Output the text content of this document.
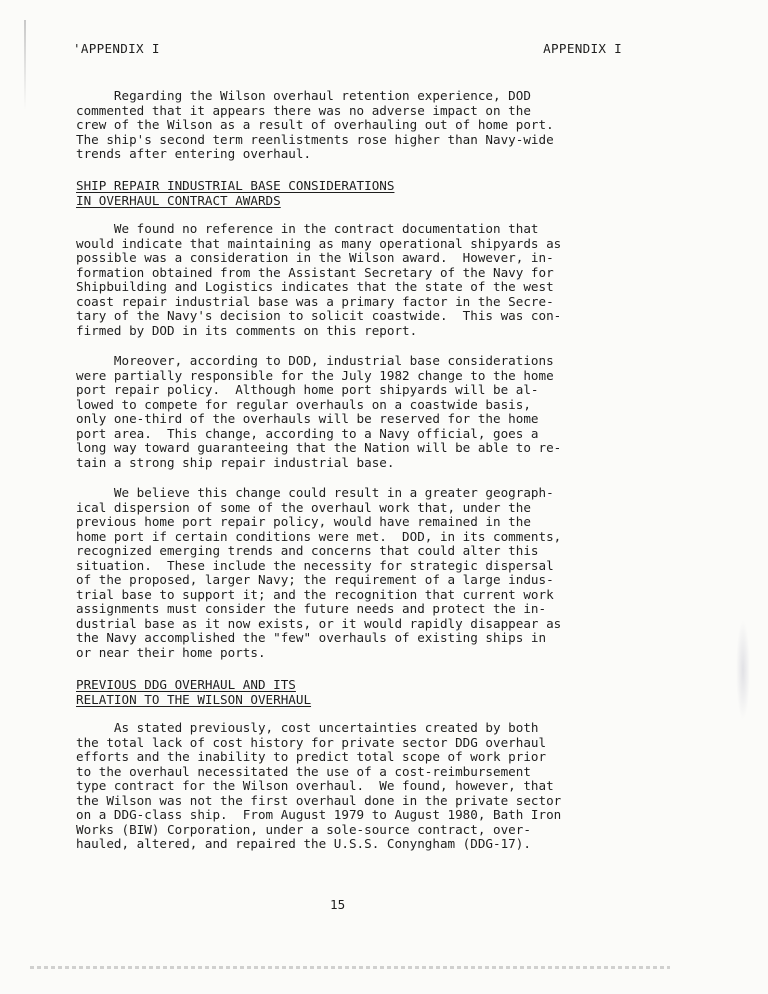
'APPENDIX I	APPENDIX I
Regarding the Wilson overhaul retention experience, DOD
commented that it appears there was no adverse impact on the
crew of the Wilson as a result of overhauling out of home port.
The ship's second term reenlistments rose higher than Navy-wide
trends after entering overhaul.
SHIP REPAIR INDUSTRIAL BASE CONSIDERATIONS
IN OVERHAUL CONTRACT AWARDS
We found no reference in the contract documentation that
would indicate that maintaining as many operational shipyards as
possible was a consideration in the Wilson award.  However, in-
formation obtained from the Assistant Secretary of the Navy for
Shipbuilding and Logistics indicates that the state of the west
coast repair industrial base was a primary factor in the Secre-
tary of the Navy's decision to solicit coastwide.  This was con-
firmed by DOD in its comments on this report.
Moreover, according to DOD, industrial base considerations
were partially responsible for the July 1982 change to the home
port repair policy.  Although home port shipyards will be al-
lowed to compete for regular overhauls on a coastwide basis,
only one-third of the overhauls will be reserved for the home
port area.  This change, according to a Navy official, goes a
long way toward guaranteeing that the Nation will be able to re-
tain a strong ship repair industrial base.
We believe this change could result in a greater geograph-
ical dispersion of some of the overhaul work that, under the
previous home port repair policy, would have remained in the
home port if certain conditions were met.  DOD, in its comments,
recognized emerging trends and concerns that could alter this
situation.  These include the necessity for strategic dispersal
of the proposed, larger Navy; the requirement of a large indus-
trial base to support it; and the recognition that current work
assignments must consider the future needs and protect the in-
dustrial base as it now exists, or it would rapidly disappear as
the Navy accomplished the "few" overhauls of existing ships in
or near their home ports.
PREVIOUS DDG OVERHAUL AND ITS
RELATION TO THE WILSON OVERHAUL
As stated previously, cost uncertainties created by both
the total lack of cost history for private sector DDG overhaul
efforts and the inability to predict total scope of work prior
to the overhaul necessitated the use of a cost-reimbursement
type contract for the Wilson overhaul.  We found, however, that
the Wilson was not the first overhaul done in the private sector
on a DDG-class ship.  From August 1979 to August 1980, Bath Iron
Works (BIW) Corporation, under a sole-source contract, over-
hauled, altered, and repaired the U.S.S. Conyngham (DDG-17).
15
